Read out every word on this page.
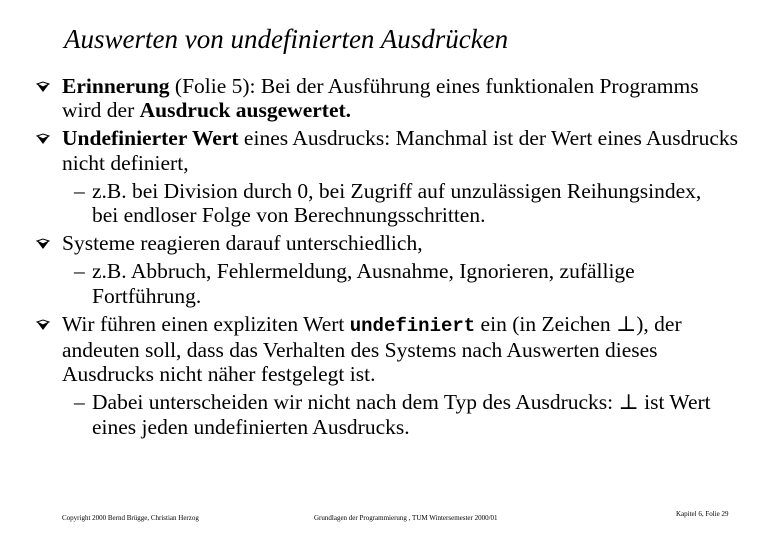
Auswerten von undefinierten Ausdrücken
Erinnerung (Folie 5): Bei der Ausführung eines funktionalen Programms wird der Ausdruck ausgewertet.
Undefinierter Wert eines Ausdrucks: Manchmal ist der Wert eines Ausdrucks nicht definiert,
– z.B. bei Division durch 0, bei Zugriff auf unzulässigen Reihungsindex, bei endloser Folge von Berechnungsschritten.
Systeme reagieren darauf unterschiedlich,
– z.B. Abbruch, Fehlermeldung, Ausnahme, Ignorieren, zufällige Fortführung.
Wir führen einen expliziten Wert undefiniert ein (in Zeichen ⊥), der andeuten soll, dass das Verhalten des Systems nach Auswerten dieses Ausdrucks nicht näher festgelegt ist.
– Dabei unterscheiden wir nicht nach dem Typ des Ausdrucks: ⊥ ist Wert eines jeden undefinierten Ausdrucks.
Copyright 2000 Bernd Brügge, Christian Herzog	Grundlagen der Programmierung , TUM Wintersemester 2000/01	Kapitel 6, Folie 29
